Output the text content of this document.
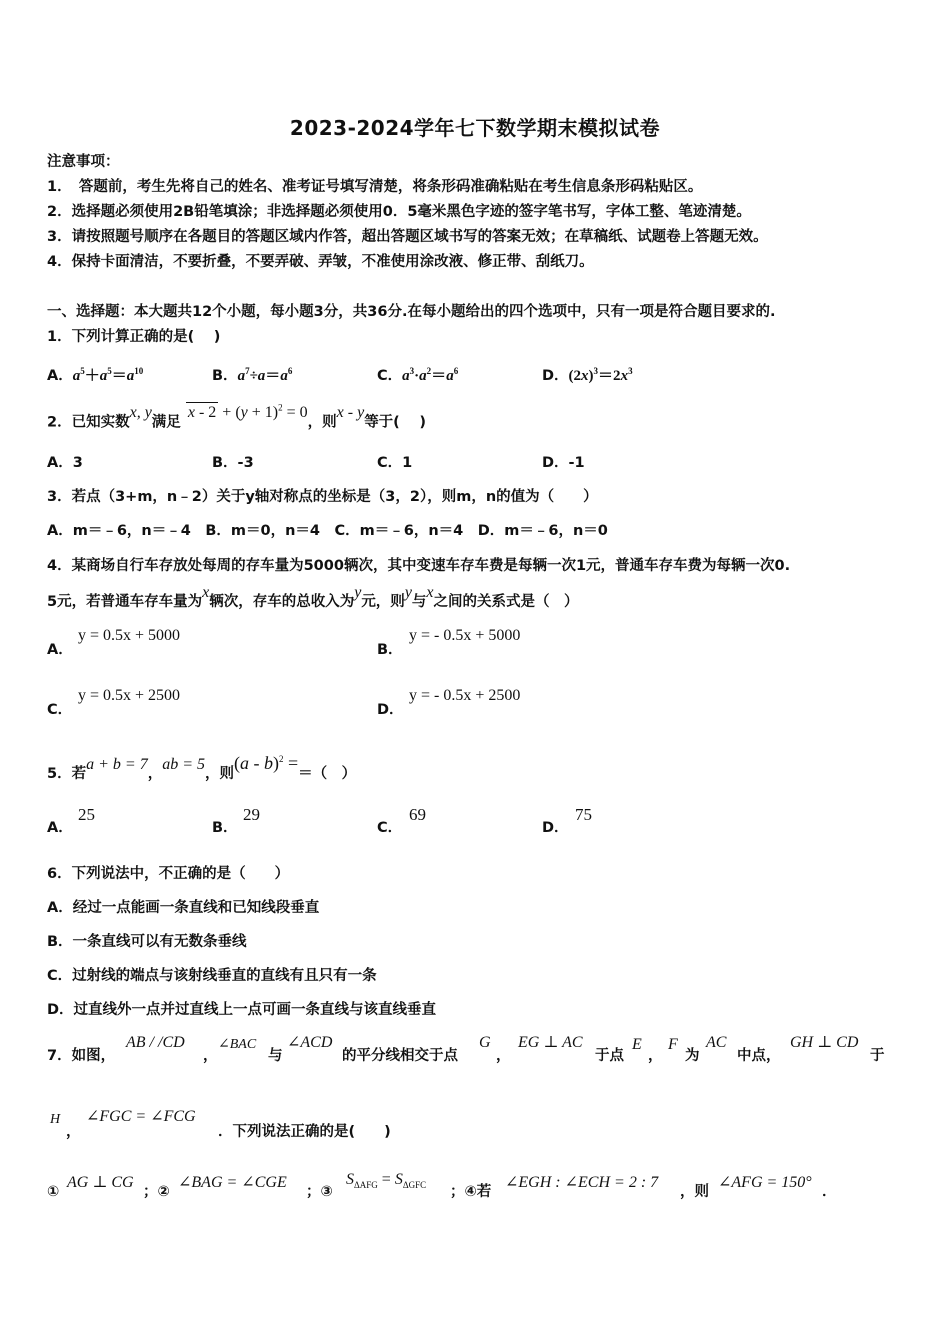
2023-2024学年七下数学期末模拟试卷
注意事项：
1．　答题前，考生先将自己的姓名、准考证号填写清楚，将条形码准确粘贴在考生信息条形码粘贴区。
2．选择题必须使用2B铅笔填涂；非选择题必须使用0．5毫米黑色字迹的签字笔书写，字体工整、笔迹清楚。
3．请按照题号顺序在各题目的答题区域内作答，超出答题区域书写的答案无效；在草稿纸、试题卷上答题无效。
4．保持卡面清洁，不要折叠，不要弄破、弄皱，不准使用涂改液、修正带、刮纸刀。
一、选择题：本大题共12个小题，每小题3分，共36分.在每小题给出的四个选项中，只有一项是符合题目要求的.
1．下列计算正确的是(　 )
A．$a^5+a^5=a^{10}$	B．$a^7\div a=a^6$	C．$a^3\cdot a^2=a^6$	D．$(2x)^3=2x^3$
2．已知实数x, y满足 $x - 2 + (y + 1)^2 = 0$，则x - y等于(　 )
A．3	B．-3	C．1	D．-1
3．若点（3+m，n﹣2）关于y轴对称点的坐标是（3，2），则m，n的值为（　　）
A．m＝﹣6，n＝﹣4　B．m＝0，n＝4　C．m＝﹣6，n＝4　D．m＝﹣6，n＝0
4．某商场自行车存放处每周的存车量为5000辆次，其中变速车存车费是每辆一次1元，普通车存车费为每辆一次0.
5元，若普通车存车量为x辆次，存车的总收入为y元，则y与x之间的关系式是（　）
A．
y = 0.5x + 5000
B．
y = - 0.5x + 5000
C．
y = 0.5x + 2500
D．
y = - 0.5x + 2500
5．若a + b = 7，ab = 5，则(a - b)$^2$ =＝（　）
A．
25
B．
29
C．
69
D．
75
6．下列说法中，不正确的是（　　）
A．经过一点能画一条直线和已知线段垂直
B．一条直线可以有无数条垂线
C．过射线的端点与该射线垂直的直线有且只有一条
D．过直线外一点并过直线上一点可画一条直线与该直线垂直
7．如图，
AB / /CD
，
∠BAC
与
∠ACD
的平分线相交于点
G
，
EG ⊥ AC
于点
E
，
F
为
AC
中点，
GH ⊥ CD
于
H
，
∠FGC = ∠FCG
．下列说法正确的是(　　)
①
AG ⊥ CG
；②
∠BAG = ∠CGE
；③
$S_{\Delta AFG} = S_{\Delta GFC}$ ；④若
∠EGH : ∠ECH = 2 : 7
，则
∠AFG = 150°
．
